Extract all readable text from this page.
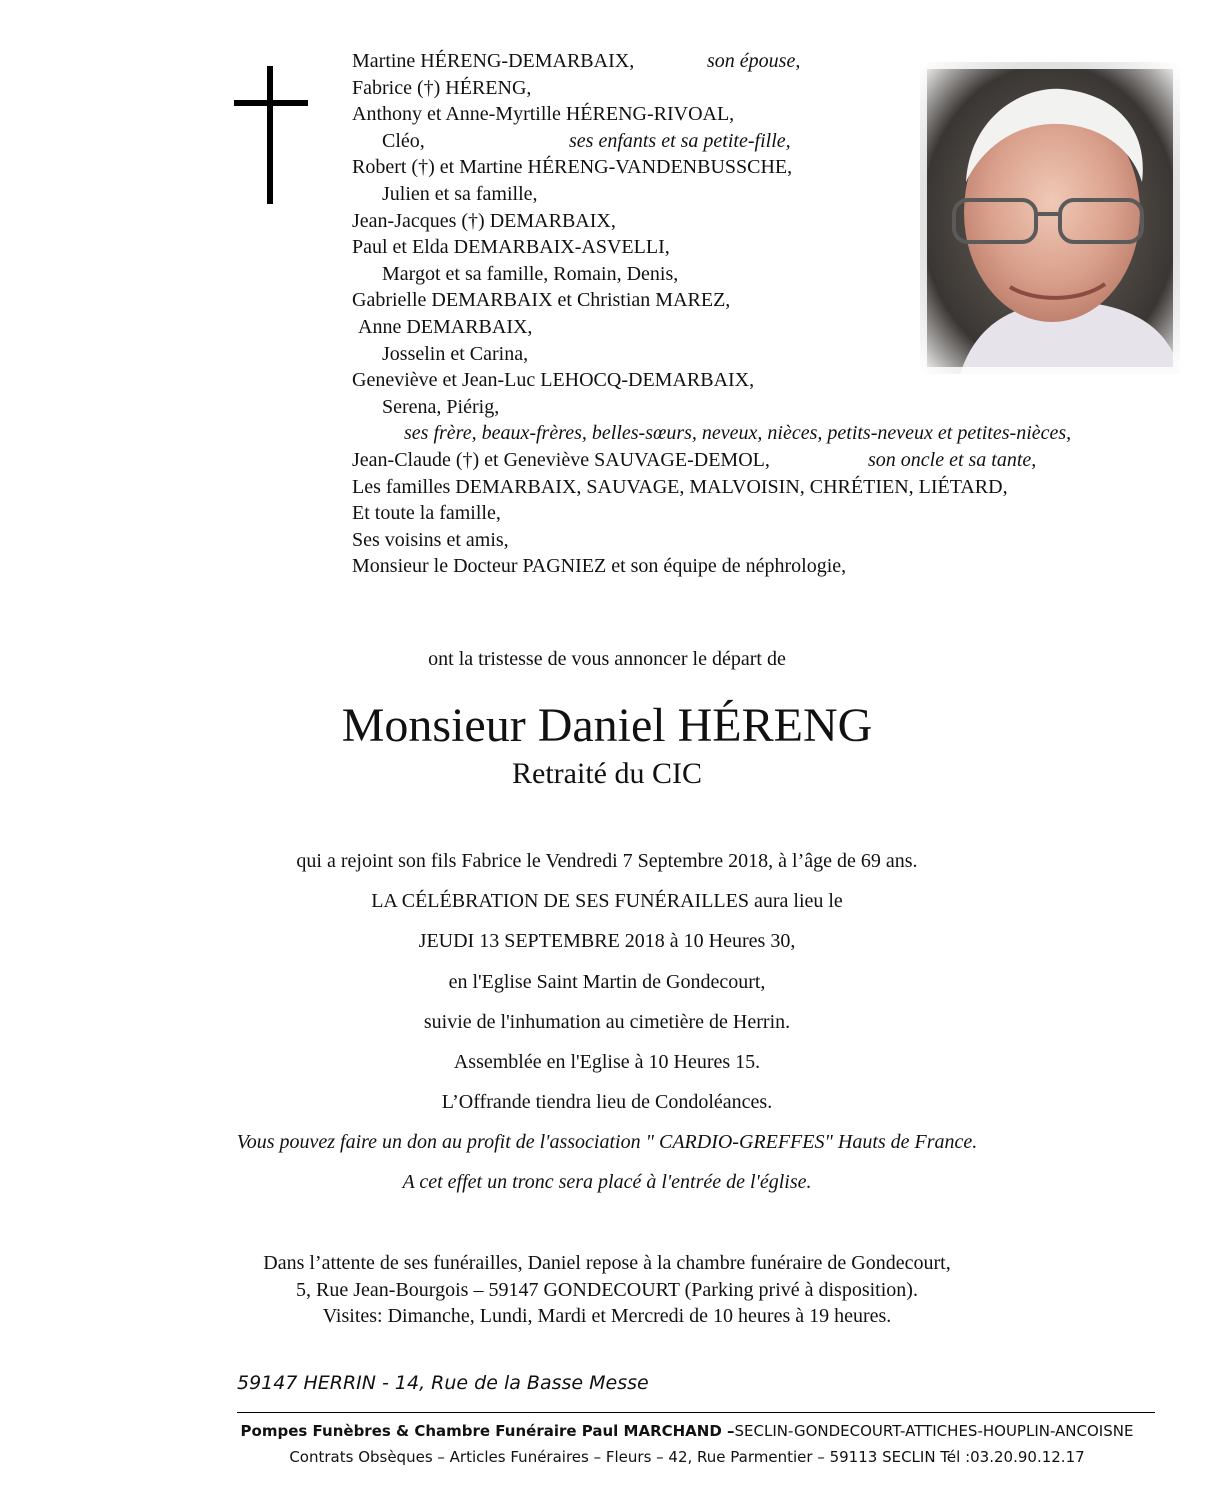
Martine HÉRENG-DEMARBAIX,	son épouse,
Fabrice (†) HÉRENG,
Anthony et Anne-Myrtille HÉRENG-RIVOAL,
Cléo,	ses enfants et sa petite-fille,
Robert (†) et Martine HÉRENG-VANDENBUSSCHE,
Julien et sa famille,
Jean-Jacques (†) DEMARBAIX,
Paul et Elda DEMARBAIX-ASVELLI,
Margot et sa famille, Romain, Denis,
Gabrielle DEMARBAIX et Christian MAREZ,
Anne DEMARBAIX,
Josselin et Carina,
Geneviève et Jean-Luc LEHOCQ-DEMARBAIX,
Serena, Piérig,
ses frère, beaux-frères, belles-sœurs, neveux, nièces, petits-neveux et petites-nièces,
Jean-Claude (†) et Geneviève SAUVAGE-DEMOL,	son oncle et sa tante,
Les familles DEMARBAIX, SAUVAGE, MALVOISIN, CHRÉTIEN, LIÉTARD,
Et toute la famille,
Ses voisins et amis,
Monsieur le Docteur PAGNIEZ et son équipe de néphrologie,
ont la tristesse de vous annoncer le départ de
Monsieur Daniel HÉRENG
Retraité du CIC
qui a rejoint son fils Fabrice le Vendredi 7 Septembre 2018, à l’âge de 69 ans.
LA CÉLÉBRATION DE SES FUNÉRAILLES aura lieu le
JEUDI 13 SEPTEMBRE 2018 à 10 Heures 30,
en l'Eglise Saint Martin de Gondecourt,
suivie de l'inhumation au cimetière de Herrin.
Assemblée en l'Eglise à 10 Heures 15.
L’Offrande tiendra lieu de Condoléances.
Vous pouvez faire un don au profit de l'association " CARDIO-GREFFES" Hauts de France.
A cet effet un tronc sera placé à l'entrée de l'église.
Dans l’attente de ses funérailles, Daniel repose à la chambre funéraire de Gondecourt,
5, Rue Jean-Bourgois – 59147 GONDECOURT (Parking privé à disposition).
Visites: Dimanche, Lundi, Mardi et Mercredi de 10 heures à 19 heures.
59147 HERRIN - 14, Rue de la Basse Messe
Pompes Funèbres & Chambre Funéraire Paul MARCHAND –SECLIN-GONDECOURT-ATTICHES-HOUPLIN-ANCOISNE
Contrats Obsèques – Articles Funéraires – Fleurs – 42, Rue Parmentier – 59113 SECLIN Tél :03.20.90.12.17
